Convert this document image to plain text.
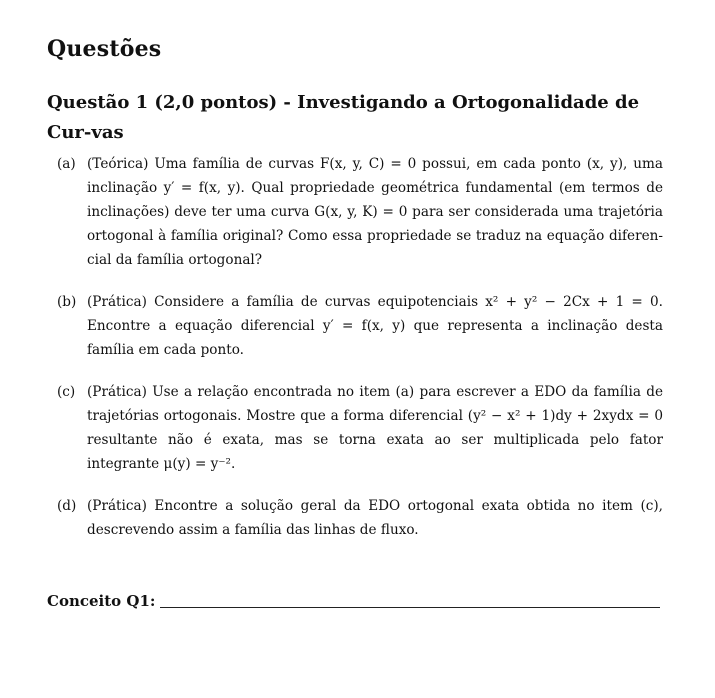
Questões
Questão 1 (2,0 pontos) - Investigando a Ortogonalidade de Cur-vas
(a) (Teórica) Uma família de curvas F(x, y, C) = 0 possui, em cada ponto (x, y), uma inclinação y′ = f(x, y). Qual propriedade geométrica fundamental (em termos de inclinações) deve ter uma curva G(x, y, K) = 0 para ser considerada uma trajetória ortogonal à família original? Como essa propriedade se traduz na equação diferen-cial da família ortogonal?
(b) (Prática) Considere a família de curvas equipotenciais x² + y² − 2Cx + 1 = 0. Encontre a equação diferencial y′ = f(x, y) que representa a inclinação desta família em cada ponto.
(c) (Prática) Use a relação encontrada no item (a) para escrever a EDO da família de trajetórias ortogonais. Mostre que a forma diferencial (y² − x² + 1)dy + 2xydx = 0 resultante não é exata, mas se torna exata ao ser multiplicada pelo fator integrante μ(y) = y⁻².
(d) (Prática) Encontre a solução geral da EDO ortogonal exata obtida no item (c), descrevendo assim a família das linhas de fluxo.
Conceito Q1:
